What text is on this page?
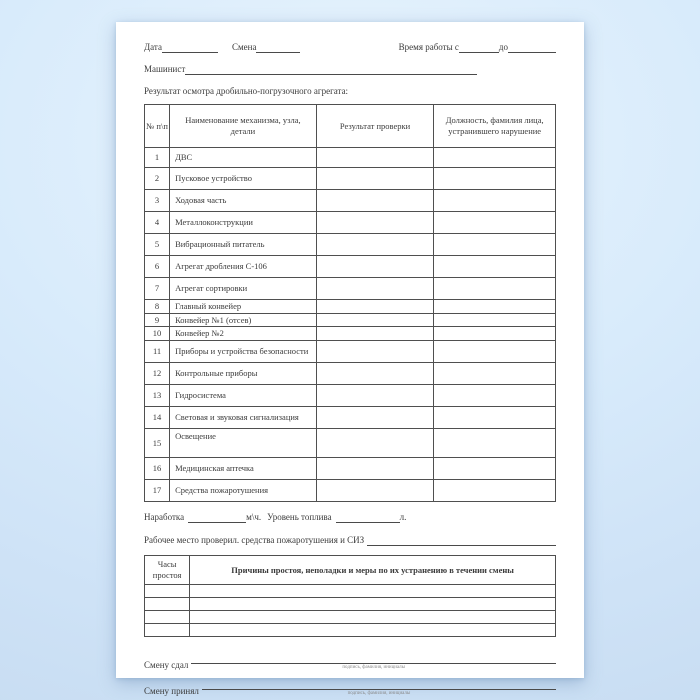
Дата	Смена	Время работы с	до
Машинист
Результат осмотра дробильно-погрузочного агрегата:
№ п\п	Наименование механизма, узла, детали	Результат проверки	Должность, фамилия лица, устранившего нарушение
1	ДВС		
2	Пусковое устройство		
3	Ходовая часть		
4	Металлоконструкции		
5	Вибрационный питатель		
6	Агрегат дробления С-106		
7	Агрегат сортировки		
8	Главный конвейер		
9	Конвейер №1 (отсев)		
10	Конвейер №2		
11	Приборы и устройства безопасности		
12	Контрольные приборы		
13	Гидросистема		
14	Световая и звуковая сигнализация		
15	Освещение		
16	Медицинская аптечка		
17	Средства пожаротушения		
Наработка	м\ч. Уровень топлива	л.
Рабочее место проверил. средства пожаротушения и СИЗ
Часы простоя	Причины простоя, неполадки и меры по их устранению в течении смены

Смену сдал	подпись, фамилия, инициалы
Смену принял	подпись, фамилия, инициалы
